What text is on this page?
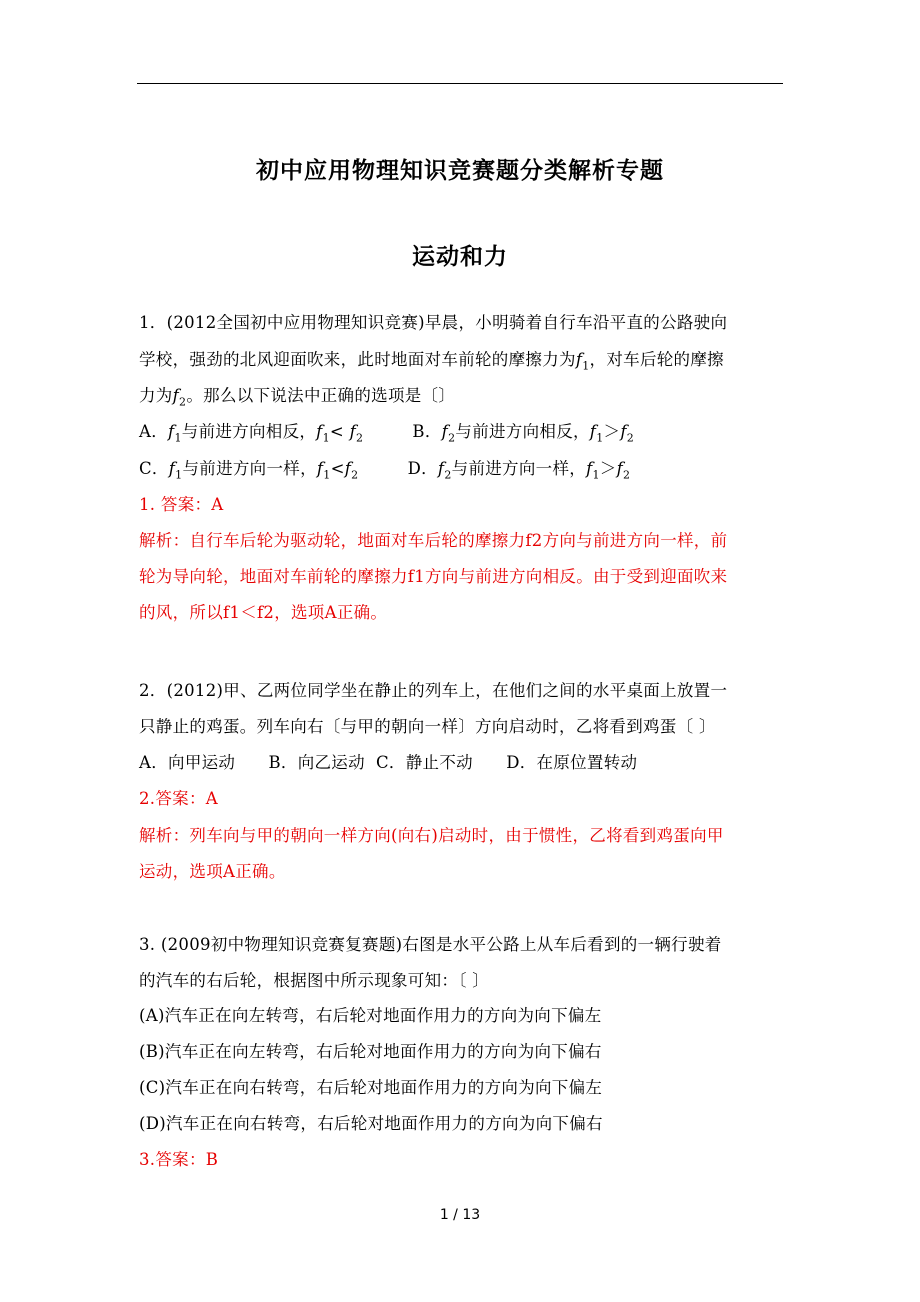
初中应用物理知识竞赛题分类解析专题
运动和力
1．(2012全国初中应用物理知识竞赛)早晨，小明骑着自行车沿平直的公路驶向
学校，强劲的北风迎面吹来，此时地面对车前轮的摩擦力为$f_1$，对车后轮的摩擦
力为$f_2$。那么以下说法中正确的选项是〔〕
A．$f_1$与前进方向相反，$f_1< f_2$	B．$f_2$与前进方向相反，$f_1>f_2$
C．$f_1$与前进方向一样，$f_1<f_2$	D．$f_2$与前进方向一样，$f_1>f_2$
1. 答案：A
解析：自行车后轮为驱动轮，地面对车后轮的摩擦力f2方向与前进方向一样，前
轮为导向轮，地面对车前轮的摩擦力f1方向与前进方向相反。由于受到迎面吹来
的风，所以f1＜f2，选项A正确。
2．(2012)甲、乙两位同学坐在静止的列车上，在他们之间的水平桌面上放置一
只静止的鸡蛋。列车向右〔与甲的朝向一样〕方向启动时，乙将看到鸡蛋〔 〕
A．向甲运动      B．向乙运动  C．静止不动      D．在原位置转动
2.答案：A
解析：列车向与甲的朝向一样方向(向右)启动时，由于惯性，乙将看到鸡蛋向甲
运动，选项A正确。
3. (2009初中物理知识竞赛复赛题)右图是水平公路上从车后看到的一辆行驶着
的汽车的右后轮，根据图中所示现象可知：〔 〕
(A)汽车正在向左转弯，右后轮对地面作用力的方向为向下偏左
(B)汽车正在向左转弯，右后轮对地面作用力的方向为向下偏右
(C)汽车正在向右转弯，右后轮对地面作用力的方向为向下偏左
(D)汽车正在向右转弯，右后轮对地面作用力的方向为向下偏右
3.答案：B
1 / 13
